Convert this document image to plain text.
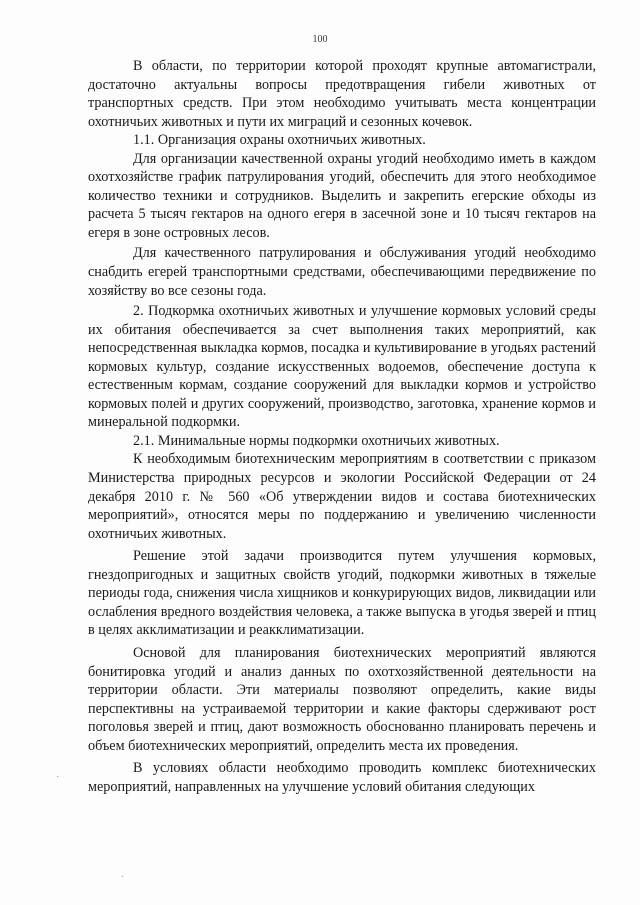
100

В области, по территории которой проходят крупные автомагистрали, достаточно актуальны вопросы предотвращения гибели животных от транспортных средств. При этом необходимо учитывать места концентрации охотничьих животных и пути их миграций и сезонных кочевок.

1.1. Организация охраны охотничьих животных.

Для организации качественной охраны угодий необходимо иметь в каждом охотхозяйстве график патрулирования угодий, обеспечить для этого необходимое количество техники и сотрудников. Выделить и закрепить егерские обходы из расчета 5 тысяч гектаров на одного егеря в засечной зоне и 10 тысяч гектаров на егеря в зоне островных лесов.

Для качественного патрулирования и обслуживания угодий необходимо снабдить егерей транспортными средствами, обеспечивающими передвижение по хозяйству во все сезоны года.

2. Подкормка охотничьих животных и улучшение кормовых условий среды их обитания обеспечивается за счет выполнения таких мероприятий, как непосредственная выкладка кормов, посадка и культивирование в угодьях растений кормовых культур, создание искусственных водоемов, обеспечение доступа к естественным кормам, создание сооружений для выкладки кормов и устройство кормовых полей и других сооружений, производство, заготовка, хранение кормов и минеральной подкормки.

2.1. Минимальные нормы подкормки охотничьих животных.

К необходимым биотехническим мероприятиям в соответствии с приказом Министерства природных ресурсов и экологии Российской Федерации от 24 декабря 2010 г. № 560 «Об утверждении видов и состава биотехнических мероприятий», относятся меры по поддержанию и увеличению численности охотничьих животных.

Решение этой задачи производится путем улучшения кормовых, гнездопригодных и защитных свойств угодий, подкормки животных в тяжелые периоды года, снижения числа хищников и конкурирующих видов, ликвидации или ослабления вредного воздействия человека, а также выпуска в угодья зверей и птиц в целях акклиматизации и реакклиматизации.

Основой для планирования биотехнических мероприятий являются бонитировка угодий и анализ данных по охотхозяйственной деятельности на территории области. Эти материалы позволяют определить, какие виды перспективны на устраиваемой территории и какие факторы сдерживают рост поголовья зверей и птиц, дают возможность обоснованно планировать перечень и объем биотехнических мероприятий, определить места их проведения.

В условиях области необходимо проводить комплекс биотехнических мероприятий, направленных на улучшение условий обитания следующих

·
·
